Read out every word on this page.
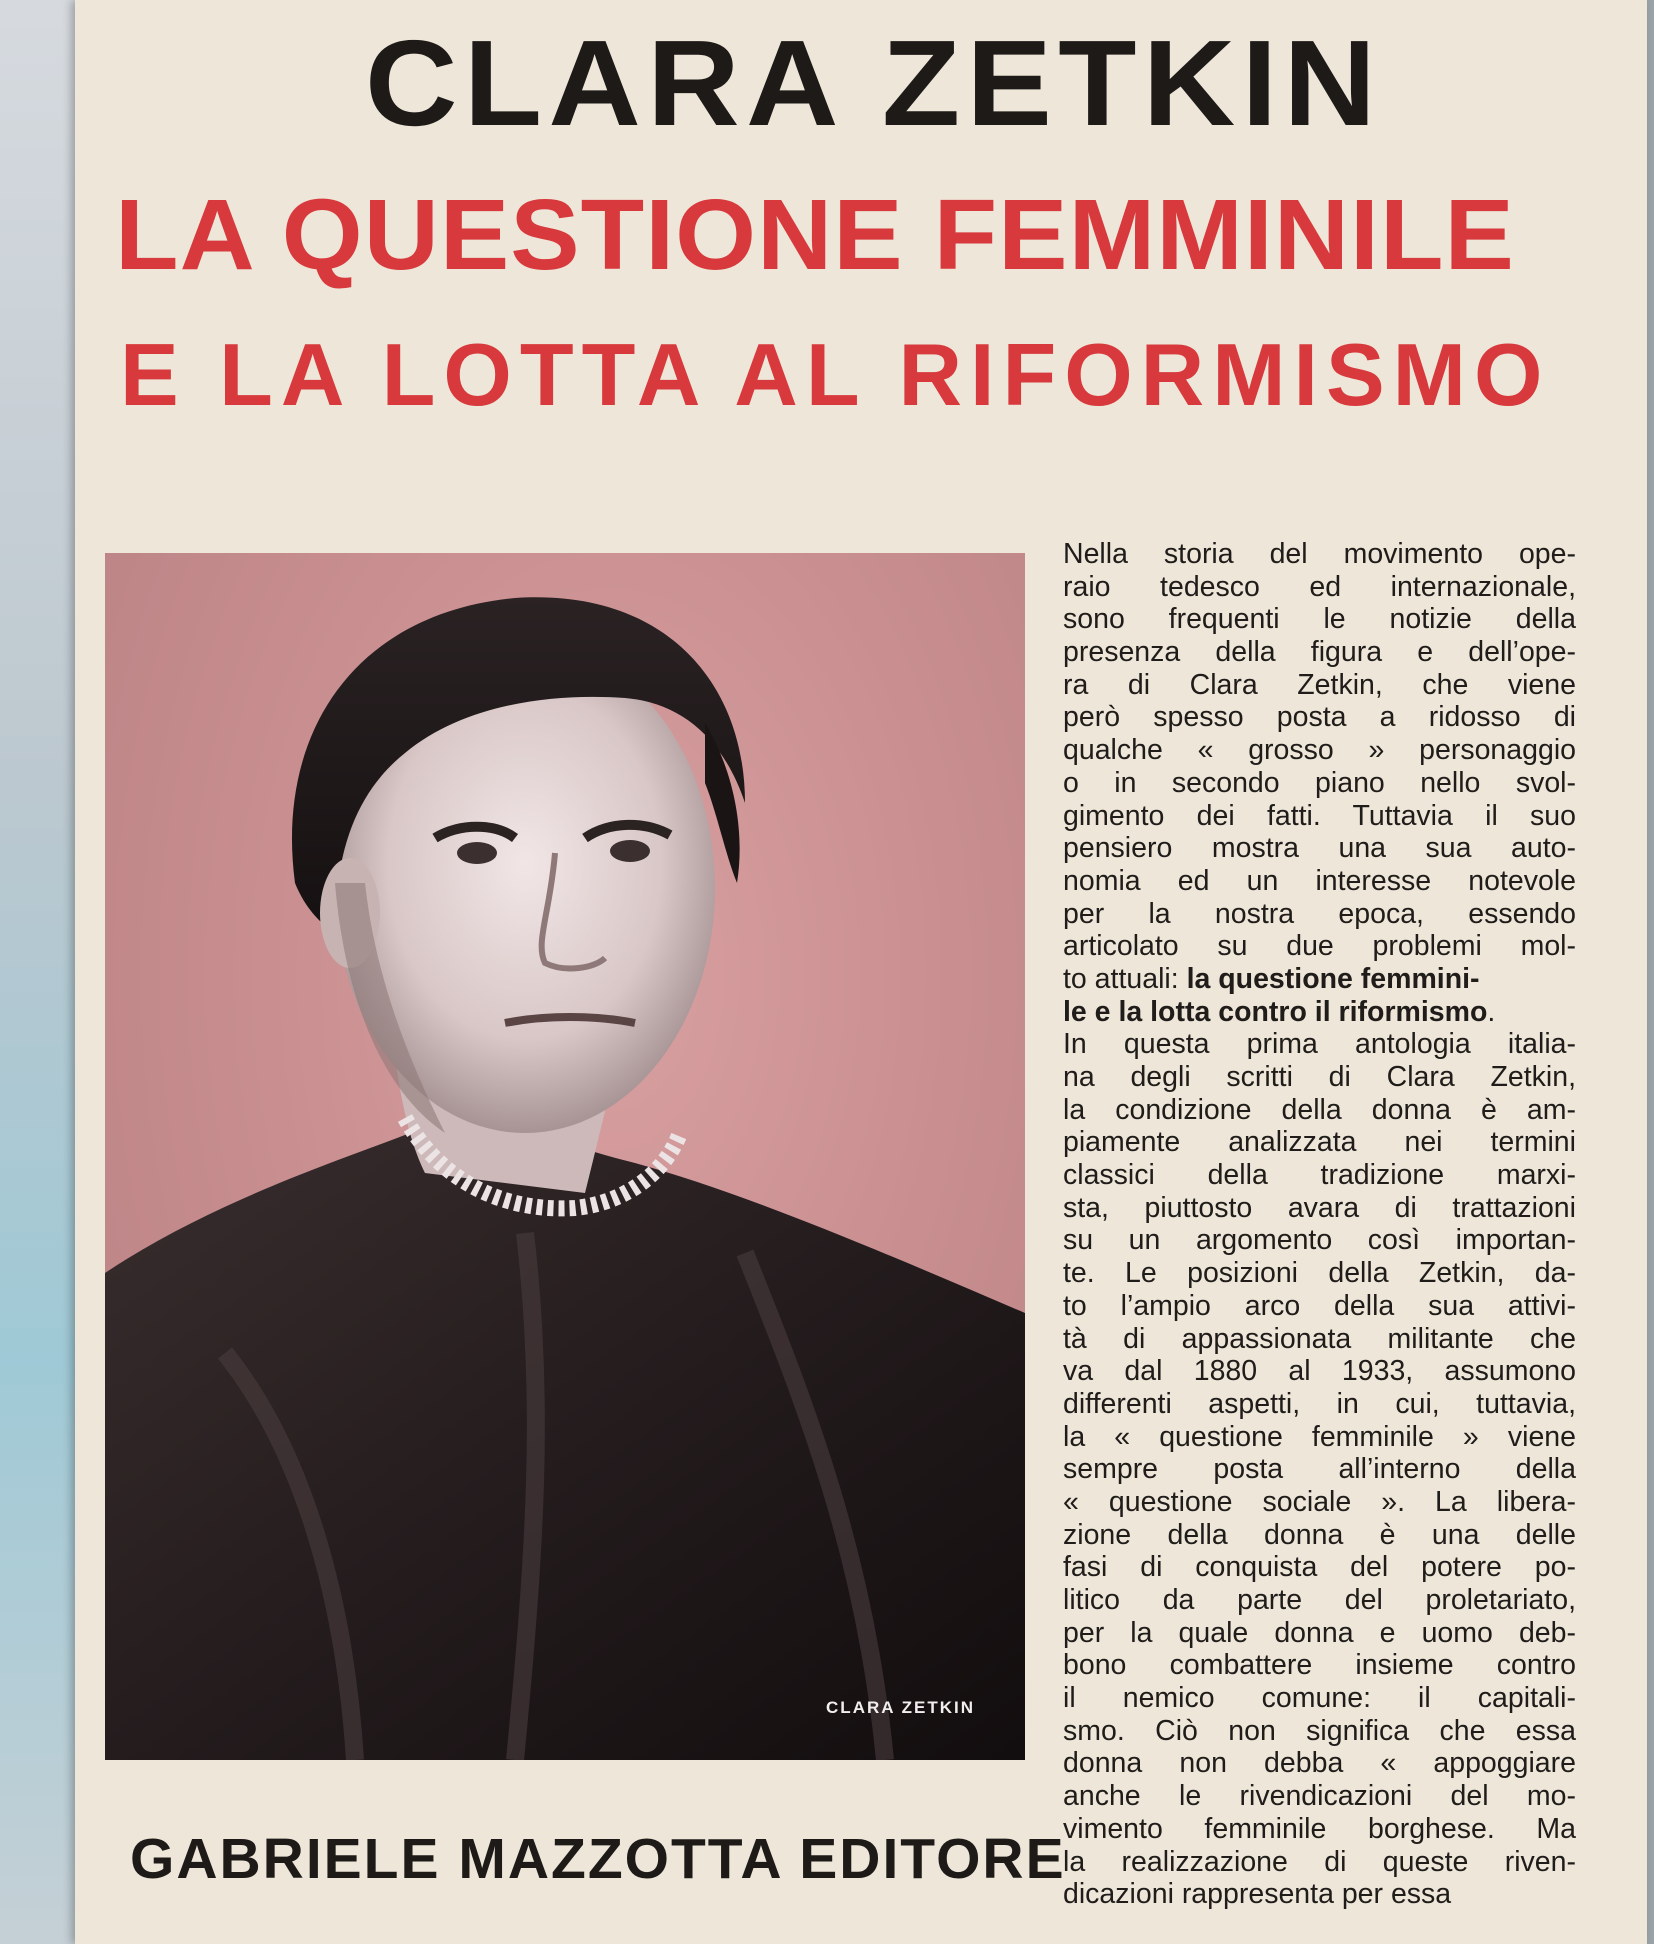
CLARA ZETKIN
LA QUESTIONE FEMMINILE
E LA LOTTA AL RIFORMISMO
CLARA ZETKIN
GABRIELE MAZZOTTA EDITORE
Nella storia del movimento ope-
raio tedesco ed internazionale,
sono frequenti le notizie della
presenza della figura e dell’ope-
ra di Clara Zetkin, che viene
però spesso posta a ridosso di
qualche « grosso » personaggio
o in secondo piano nello svol-
gimento dei fatti. Tuttavia il suo
pensiero mostra una sua auto-
nomia ed un interesse notevole
per la nostra epoca, essendo
articolato su due problemi mol-
to attuali: la questione femmini-
le e la lotta contro il riformismo.
In questa prima antologia italia-
na degli scritti di Clara Zetkin,
la condizione della donna è am-
piamente analizzata nei termini
classici della tradizione marxi-
sta, piuttosto avara di trattazioni
su un argomento così importan-
te. Le posizioni della Zetkin, da-
to l’ampio arco della sua attivi-
tà di appassionata militante che
va dal 1880 al 1933, assumono
differenti aspetti, in cui, tuttavia,
la « questione femminile » viene
sempre posta all’interno della
« questione sociale ». La libera-
zione della donna è una delle
fasi di conquista del potere po-
litico da parte del proletariato,
per la quale donna e uomo deb-
bono combattere insieme contro
il nemico comune: il capitali-
smo. Ciò non significa che essa
donna non debba « appoggiare
anche le rivendicazioni del mo-
vimento femminile borghese. Ma
la realizzazione di queste riven-
dicazioni rappresenta per essa
